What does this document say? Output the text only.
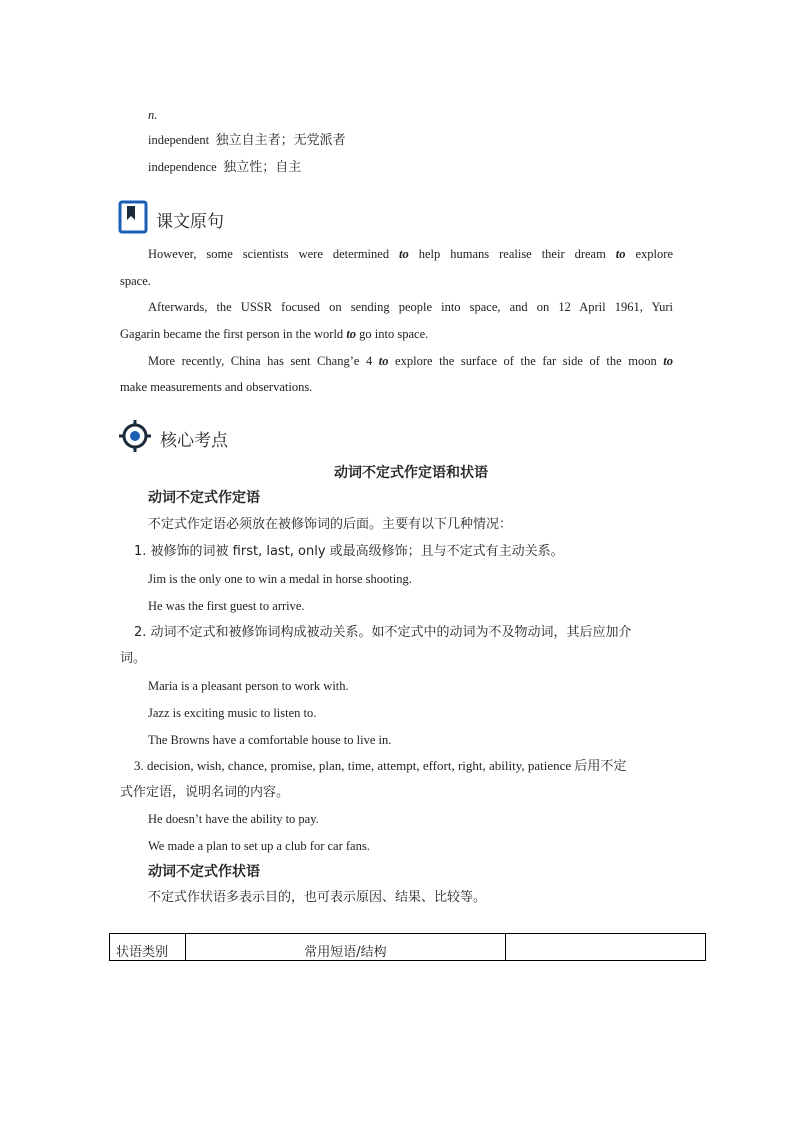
n.
independent 独立自主者；无党派者
independence 独立性；自主
课文原句
However, some scientists were determined to help humans realise their dream to explore
space.
Afterwards, the USSR focused on sending people into space, and on 12 April 1961, Yuri
Gagarin became the first person in the world to go into space.
More recently, China has sent Chang’e 4 to explore the surface of the far side of the moon to
make measurements and observations.
核心考点
动词不定式作定语和状语
动词不定式作定语
不定式作定语必须放在被修饰词的后面。主要有以下几种情况：
1. 被修饰的词被 first, last, only 或最高级修饰；且与不定式有主动关系。
Jim is the only one to win a medal in horse shooting.
He was the first guest to arrive.
2. 动词不定式和被修饰词构成被动关系。如不定式中的动词为不及物动词，其后应加介
词。
Maria is a pleasant person to work with.
Jazz is exciting music to listen to.
The Browns have a comfortable house to live in.
3. decision, wish, chance, promise, plan, time, attempt, effort, right, ability, patience 后用不定
式作定语，说明名词的内容。
He doesn’t have the ability to pay.
We made a plan to set up a club for car fans.
动词不定式作状语
不定式作状语多表示目的，也可表示原因、结果、比较等。
状语类别	常用短语/结构	
